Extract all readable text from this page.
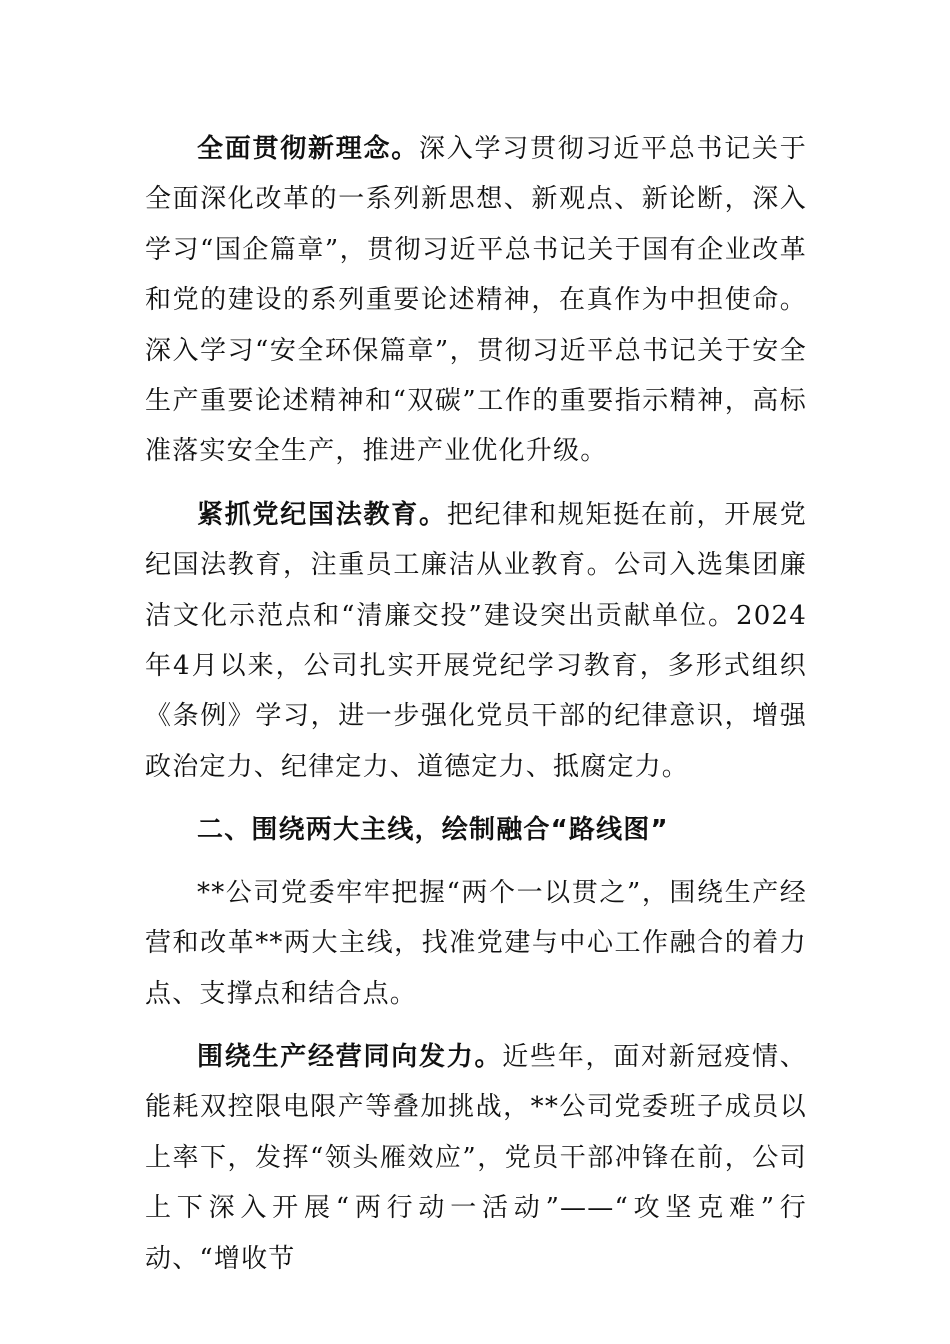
全面贯彻新理念。深入学习贯彻习近平总书记关于全面深化改革的一系列新思想、新观点、新论断，深入学习“国企篇章”，贯彻习近平总书记关于国有企业改革和党的建设的系列重要论述精神，在真作为中担使命。深入学习“安全环保篇章”，贯彻习近平总书记关于安全生产重要论述精神和“双碳”工作的重要指示精神，高标准落实安全生产，推进产业优化升级。

紧抓党纪国法教育。把纪律和规矩挺在前，开展党纪国法教育，注重员工廉洁从业教育。公司入选集团廉洁文化示范点和“清廉交投”建设突出贡献单位。2024年4月以来，公司扎实开展党纪学习教育，多形式组织《条例》学习，进一步强化党员干部的纪律意识，增强政治定力、纪律定力、道德定力、抵腐定力。

二、围绕两大主线，绘制融合“路线图”

**公司党委牢牢把握“两个一以贯之”，围绕生产经营和改革**两大主线，找准党建与中心工作融合的着力点、支撑点和结合点。

围绕生产经营同向发力。近些年，面对新冠疫情、能耗双控限电限产等叠加挑战，**公司党委班子成员以上率下，发挥“领头雁效应”，党员干部冲锋在前，公司上下深入开展“两行动一活动”——“攻坚克难”行动、“增收节
